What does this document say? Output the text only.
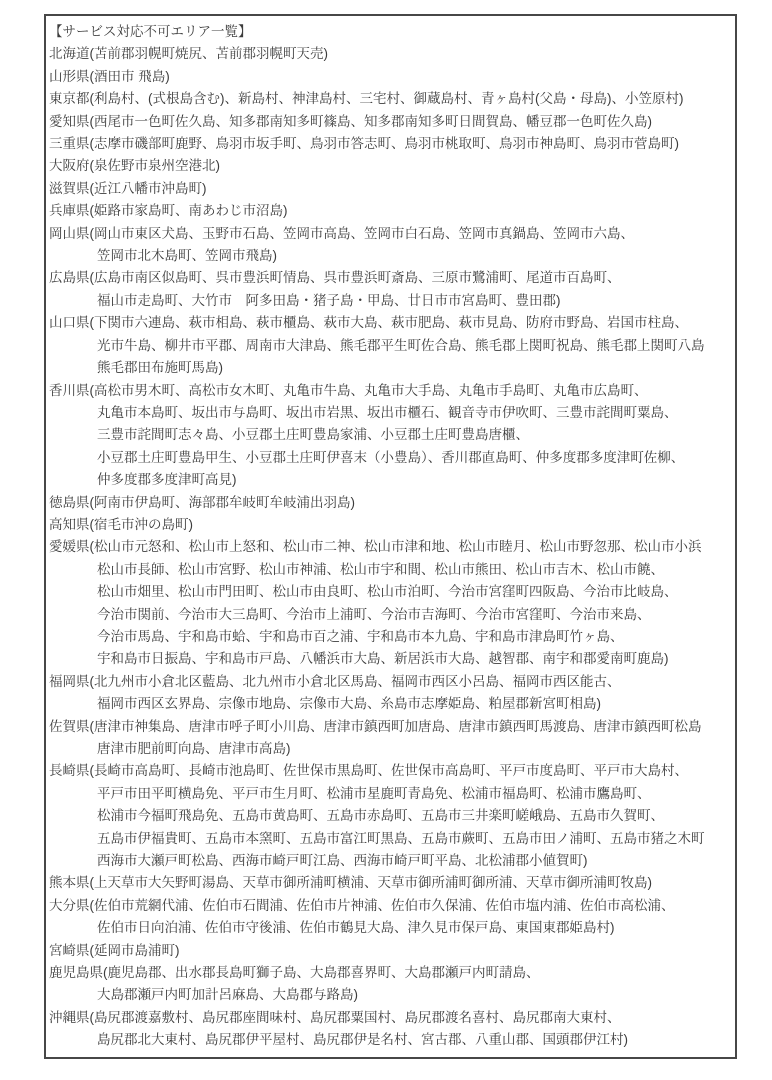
【サービス対応不可エリア一覧】

北海道(苫前郡羽幌町焼尻、苫前郡羽幌町天売)

山形県(酒田市 飛島)

東京都(利島村、(式根島含む)、新島村、神津島村、三宅村、御蔵島村、青ヶ島村(父島・母島)、小笠原村)

愛知県(西尾市一色町佐久島、知多郡南知多町篠島、知多郡南知多町日間賀島、幡豆郡一色町佐久島)

三重県(志摩市磯部町鹿野、鳥羽市坂手町、鳥羽市答志町、鳥羽市桃取町、鳥羽市神島町、鳥羽市菅島町)

大阪府(泉佐野市泉州空港北)

滋賀県(近江八幡市沖島町)

兵庫県(姫路市家島町、南あわじ市沼島)

岡山県(岡山市東区犬島、玉野市石島、笠岡市高島、笠岡市白石島、笠岡市真鍋島、笠岡市六島、
笠岡市北木島町、笠岡市飛島)

広島県(広島市南区似島町、呉市豊浜町情島、呉市豊浜町斎島、三原市鷺浦町、尾道市百島町、
福山市走島町、大竹市　阿多田島・猪子島・甲島、廿日市市宮島町、豊田郡)

山口県(下関市六連島、萩市相島、萩市櫃島、萩市大島、萩市肥島、萩市見島、防府市野島、岩国市柱島、
光市牛島、柳井市平郡、周南市大津島、熊毛郡平生町佐合島、熊毛郡上関町祝島、熊毛郡上関町八島
熊毛郡田布施町馬島)

香川県(高松市男木町、高松市女木町、丸亀市牛島、丸亀市大手島、丸亀市手島町、丸亀市広島町、
丸亀市本島町、坂出市与島町、坂出市岩黒、坂出市櫃石、観音寺市伊吹町、三豊市詫間町粟島、
三豊市詫間町志々島、小豆郡土庄町豊島家浦、小豆郡土庄町豊島唐櫃、
小豆郡土庄町豊島甲生、小豆郡土庄町伊喜末（小豊島）、香川郡直島町、仲多度郡多度津町佐柳、
仲多度郡多度津町高見)

徳島県(阿南市伊島町、海部郡牟岐町牟岐浦出羽島)

高知県(宿毛市沖の島町)

愛媛県(松山市元怒和、松山市上怒和、松山市二神、松山市津和地、松山市睦月、松山市野忽那、松山市小浜
松山市長師、松山市宮野、松山市神浦、松山市宇和間、松山市熊田、松山市吉木、松山市饒、
松山市畑里、松山市門田町、松山市由良町、松山市泊町、今治市宮窪町四阪島、今治市比岐島、
今治市関前、今治市大三島町、今治市上浦町、今治市吉海町、今治市宮窪町、今治市来島、
今治市馬島、宇和島市蛤、宇和島市百之浦、宇和島市本九島、宇和島市津島町竹ヶ島、
宇和島市日振島、宇和島市戸島、八幡浜市大島、新居浜市大島、越智郡、南宇和郡愛南町鹿島)

福岡県(北九州市小倉北区藍島、北九州市小倉北区馬島、福岡市西区小呂島、福岡市西区能古、
福岡市西区玄界島、宗像市地島、宗像市大島、糸島市志摩姫島、粕屋郡新宮町相島)

佐賀県(唐津市神集島、唐津市呼子町小川島、唐津市鎮西町加唐島、唐津市鎮西町馬渡島、唐津市鎮西町松島
唐津市肥前町向島、唐津市高島)

長崎県(長崎市高島町、長崎市池島町、佐世保市黒島町、佐世保市高島町、平戸市度島町、平戸市大島村、
平戸市田平町横島免、平戸市生月町、松浦市星鹿町青島免、松浦市福島町、松浦市鷹島町、
松浦市今福町飛島免、五島市黄島町、五島市赤島町、五島市三井楽町嵯峨島、五島市久賀町、
五島市伊福貴町、五島市本窯町、五島市富江町黒島、五島市蕨町、五島市田ノ浦町、五島市猪之木町
西海市大瀬戸町松島、西海市崎戸町江島、西海市崎戸町平島、北松浦郡小値賀町)

熊本県(上天草市大矢野町湯島、天草市御所浦町横浦、天草市御所浦町御所浦、天草市御所浦町牧島)

大分県(佐伯市荒網代浦、佐伯市石間浦、佐伯市片神浦、佐伯市久保浦、佐伯市塩内浦、佐伯市高松浦、
佐伯市日向泊浦、佐伯市守後浦、佐伯市鶴見大島、津久見市保戸島、東国東郡姫島村)

宮崎県(延岡市島浦町)

鹿児島県(鹿児島郡、出水郡長島町獅子島、大島郡喜界町、大島郡瀬戸内町請島、
大島郡瀬戸内町加計呂麻島、大島郡与路島)

沖縄県(島尻郡渡嘉敷村、島尻郡座間味村、島尻郡粟国村、島尻郡渡名喜村、島尻郡南大東村、
島尻郡北大東村、島尻郡伊平屋村、島尻郡伊是名村、宮古郡、八重山郡、国頭郡伊江村)
